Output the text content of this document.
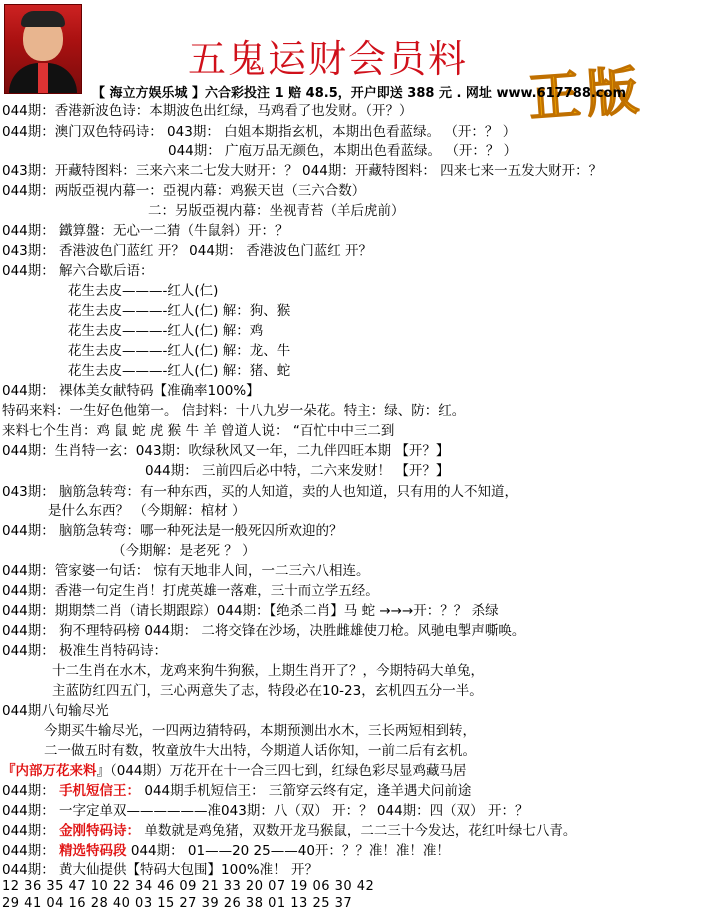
五鬼运财会员料
正版
【 海立方娱乐城 】六合彩投注 1 赔 48.5，开户即送 388 元 . 网址 www.617788.com
044期：香港新波色诗：本期波色出红绿，马鸡看了也发财。（开？）
044期：澳门双色特码诗： 043期： 白姐本期指玄机，本期出色看蓝绿。 （开：？ ）
044期： 广庖万品无颜色，本期出色看蓝绿。 （开：？ ）
043期：开藏特图料：三来六来二七发大财开：？ 044期：开藏特图料： 四来七来一五发大财开：？
044期：两版亞視内幕一：亞視内幕：鸡猴天岜（三六合数）
二：另版亞視内幕：坐视青苔（羊后虎前）
044期： 鐵算盤：无心一二猜（牛鼠斜）开：？
043期： 香港波色门蓝红 开？ 044期： 香港波色门蓝红 开？
044期： 解六合歇后语：
花生去皮———-红人(仁)
花生去皮———-红人(仁) 解：狗、猴
花生去皮———-红人(仁) 解：鸡
花生去皮———-红人(仁) 解：龙、牛
花生去皮———-红人(仁) 解：猪、蛇
044期： 裸体美女献特码【准确率100%】
特码来料：一生好色他第一。 信封料：十八九岁一朵花。特主：绿、防：红。
来料七个生肖：鸡 鼠 蛇 虎 猴 牛 羊 曾道人说： “百忙中中三二到
044期：生肖特一玄：043期：吹绿秋风又一年，二九伴四旺本期 【开？】
044期： 三前四后必中特，二六来发财！ 【开？】
043期： 脑筋急转弯：有一种东西，买的人知道，卖的人也知道，只有用的人不知道，
是什么东西？ （今期解：棺材 ）
044期： 脑筋急转弯：哪一种死法是一般死囚所欢迎的？
（今期解：是老死 ？ ）
044期：管家婆一句话： 惊有天地非人间，一二三六八相连。
044期：香港一句定生肖！打虎英雄一落难，三十而立学五经。
044期：期期禁二肖（请长期跟踪）044期：【绝杀二肖】马 蛇 →→→开：？？ 杀绿
044期： 狗不理特码榜 044期： 二将交锋在沙场，决胜雌雄使刀枪。风驰电掣声嘶唤。
044期： 极准生肖特码诗：
十二生肖在水木，龙鸡来狗牛狗猴，上期生肖开了？，今期特码大单兔，
主蓝防红四五门，三心两意失了志，特段必在10-23，玄机四五分一半。
044期八句输尽光
今期买牛输尽光，一四两边猜特码，本期预测出水木，三长两短相到转，
二一做五时有数，牧童放牛大出特，今期道人话你知，一前二后有玄机。
『内部万花来料』（044期）万花开在十一合三四七到，红绿色彩尽显鸡藏马居
044期： 手机短信王： 044期手机短信王： 三箭穿云终有定，逢羊遇犬问前途
044期： 一字定单双——————准043期：八（双） 开：？ 044期：四（双） 开：？
044期： 金刚特码诗： 单数就是鸡兔猪，双数开龙马猴鼠，二二三十今发达，花红叶绿七八青。
044期： 精选特码段 044期： 01——20 25——40开：？？准！准！准！
044期： 黄大仙提供【特码大包围】100%准！ 开？
12 36 35 47 10 22 34 46 09 21 33 20 07 19 06 30 42
29 41 04 16 28 40 03 15 27 39 26 38 01 13 25 37
